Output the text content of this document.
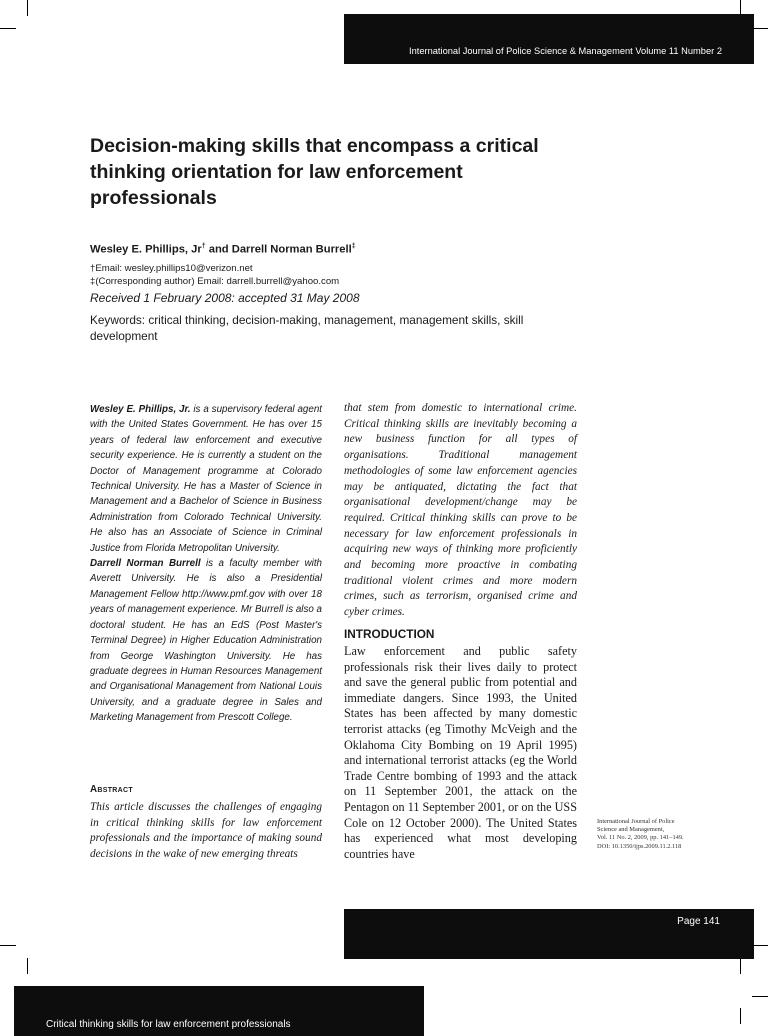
International Journal of Police Science & Management Volume 11 Number 2
Decision-making skills that encompass a critical thinking orientation for law enforcement professionals
Wesley E. Phillips, Jr† and Darrell Norman Burrell‡
†Email: wesley.phillips10@verizon.net
‡(Corresponding author) Email: darrell.burrell@yahoo.com
Received 1 February 2008: accepted 31 May 2008
Keywords: critical thinking, decision-making, management, management skills, skill development

Wesley E. Phillips, Jr. is a supervisory federal agent with the United States Government. He has over 15 years of federal law enforcement and executive security experience. He is currently a student on the Doctor of Management programme at Colorado Technical University. He has a Master of Science in Management and a Bachelor of Science in Business Administration from Colorado Technical University. He also has an Associate of Science in Criminal Justice from Florida Metropolitan University.

Darrell Norman Burrell is a faculty member with Averett University. He is also a Presidential Management Fellow http://www.pmf.gov with over 18 years of management experience. Mr Burrell is also a doctoral student. He has an EdS (Post Master's Terminal Degree) in Higher Education Administration from George Washington University. He has graduate degrees in Human Resources Management and Organisational Management from National Louis University, and a graduate degree in Sales and Marketing Management from Prescott College.

Abstract
This article discusses the challenges of engaging in critical thinking skills for law enforcement professionals and the importance of making sound decisions in the wake of new emerging threats
that stem from domestic to international crime. Critical thinking skills are inevitably becoming a new business function for all types of organisations. Traditional management methodologies of some law enforcement agencies may be antiquated, dictating the fact that organisational development/change may be required. Critical thinking skills can prove to be necessary for law enforcement professionals in acquiring new ways of thinking more proficiently and becoming more proactive in combating traditional violent crimes and more modern crimes, such as terrorism, organised crime and cyber crimes.
INTRODUCTION
Law enforcement and public safety professionals risk their lives daily to protect and save the general public from potential and immediate dangers. Since 1993, the United States has been affected by many domestic terrorist attacks (eg Timothy McVeigh and the Oklahoma City Bombing on 19 April 1995) and international terrorist attacks (eg the World Trade Centre bombing of 1993 and the attack on 11 September 2001, the attack on the Pentagon on 11 September 2001, or on the USS Cole on 12 October 2000). The United States has experienced what most developing countries have
International Journal of Police
Science and Management,
Vol. 11 No. 2, 2009, pp. 141–149.
DOI: 10.1350/ijps.2009.11.2.118
Page 141
Critical thinking skills for law enforcement professionals
